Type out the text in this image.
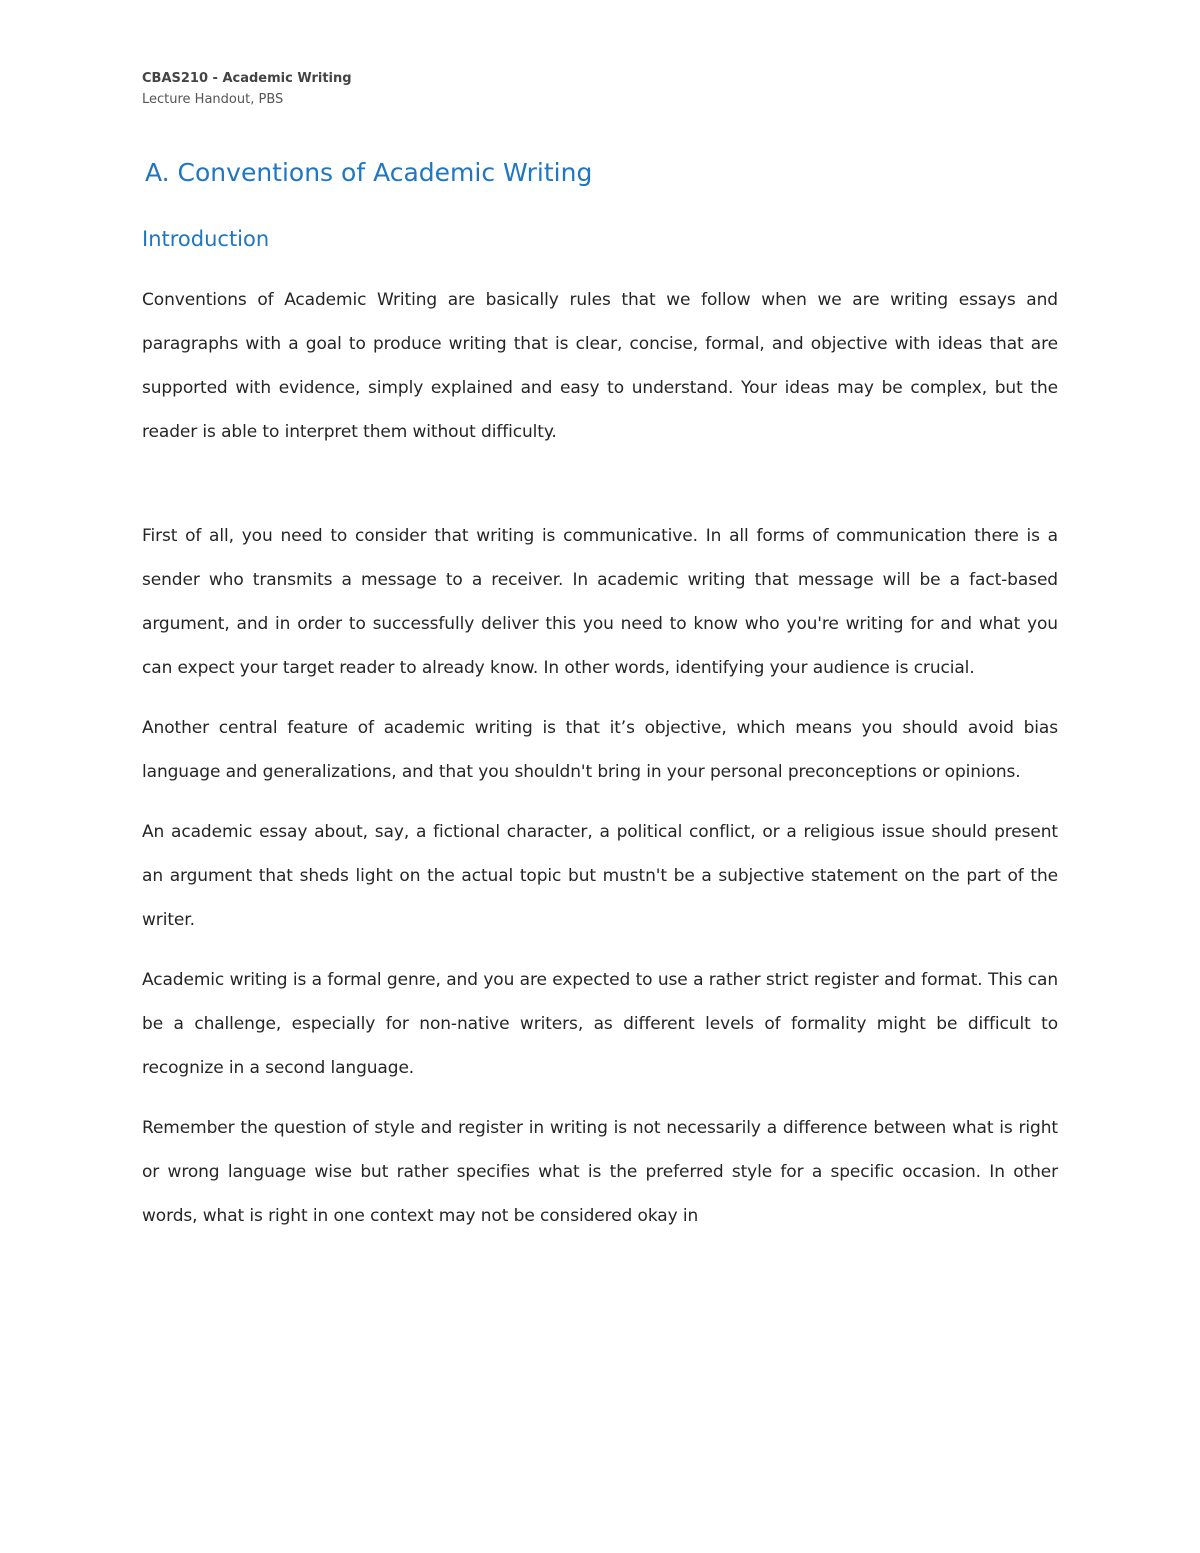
CBAS210 - Academic Writing

Lecture Handout, PBS

A. Conventions of Academic Writing
Introduction

Conventions of Academic Writing are basically rules that we follow when we are writing essays and paragraphs with a goal to produce writing that is clear, concise, formal, and objective with ideas that are supported with evidence, simply explained and easy to understand. Your ideas may be complex, but the reader is able to interpret them without difficulty.

First of all, you need to consider that writing is communicative. In all forms of communication there is a sender who transmits a message to a receiver. In academic writing that message will be a fact-based argument, and in order to successfully deliver this you need to know who you're writing for and what you can expect your target reader to already know. In other words, identifying your audience is crucial.

Another central feature of academic writing is that it’s objective, which means you should avoid bias language and generalizations, and that you shouldn't bring in your personal preconceptions or opinions.

An academic essay about, say, a fictional character, a political conflict, or a religious issue should present an argument that sheds light on the actual topic but mustn't be a subjective statement on the part of the writer.

Academic writing is a formal genre, and you are expected to use a rather strict register and format. This can be a challenge, especially for non-native writers, as different levels of formality might be difficult to recognize in a second language.

Remember the question of style and register in writing is not necessarily a difference between what is right or wrong language wise but rather specifies what is the preferred style for a specific occasion. In other words, what is right in one context may not be considered okay in
